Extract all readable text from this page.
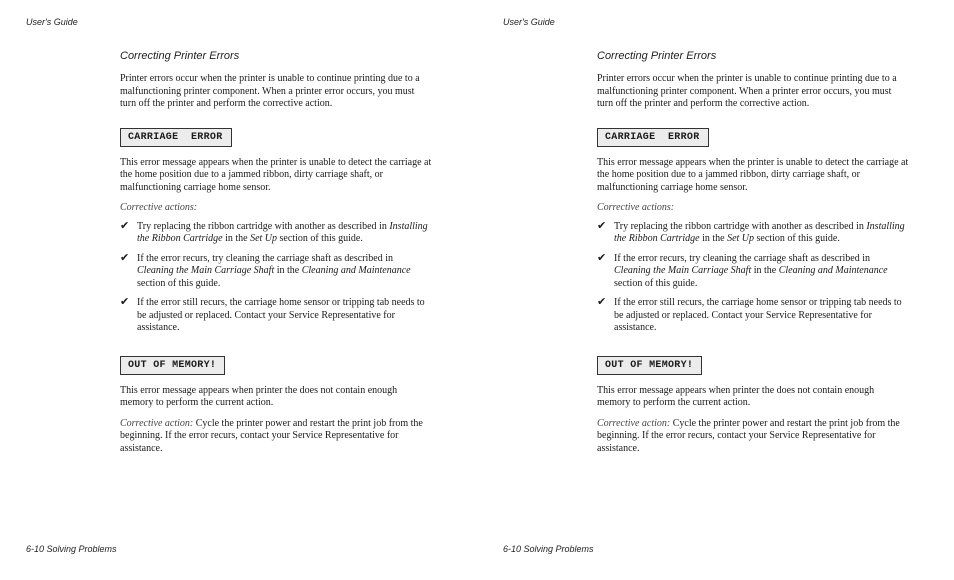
User's Guide
Correcting Printer Errors

Printer errors occur when the printer is unable to continue printing due to a malfunctioning printer component. When a printer error occurs, you must turn off the printer and perform the corrective action.

CARRIAGE  ERROR

This error message appears when the printer is unable to detect the carriage at the home position due to a jammed ribbon, dirty carriage shaft, or malfunctioning carriage home sensor.

Corrective actions:

✔ Try replacing the ribbon cartridge with another as described in Installing the Ribbon Cartridge in the Set Up section of this guide.
✔ If the error recurs, try cleaning the carriage shaft as described in Cleaning the Main Carriage Shaft in the Cleaning and Maintenance section of this guide.
✔ If the error still recurs, the carriage home sensor or tripping tab needs to be adjusted or replaced. Contact your Service Representative for assistance.
OUT OF MEMORY!

This error message appears when printer the does not contain enough memory to perform the current action.

Corrective action: Cycle the printer power and restart the print job from the beginning. If the error recurs, contact your Service Representative for assistance.

6-10 Solving Problems
User's Guide
Correcting Printer Errors

Printer errors occur when the printer is unable to continue printing due to a malfunctioning printer component. When a printer error occurs, you must turn off the printer and perform the corrective action.

CARRIAGE  ERROR

This error message appears when the printer is unable to detect the carriage at the home position due to a jammed ribbon, dirty carriage shaft, or malfunctioning carriage home sensor.

Corrective actions:

✔ Try replacing the ribbon cartridge with another as described in Installing the Ribbon Cartridge in the Set Up section of this guide.
✔ If the error recurs, try cleaning the carriage shaft as described in Cleaning the Main Carriage Shaft in the Cleaning and Maintenance section of this guide.
✔ If the error still recurs, the carriage home sensor or tripping tab needs to be adjusted or replaced. Contact your Service Representative for assistance.
OUT OF MEMORY!

This error message appears when printer the does not contain enough memory to perform the current action.

Corrective action: Cycle the printer power and restart the print job from the beginning. If the error recurs, contact your Service Representative for assistance.

6-10 Solving Problems
